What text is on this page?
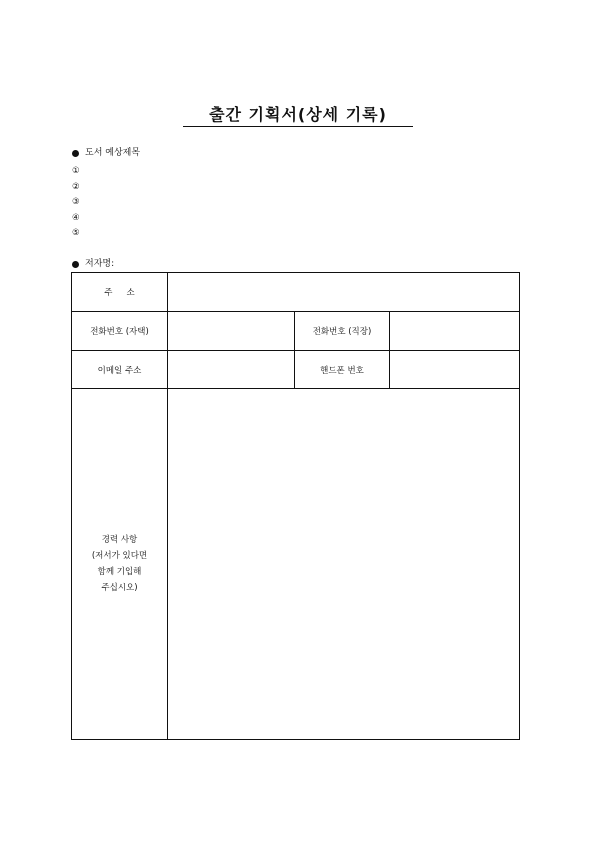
출간 기획서(상세 기록)
도서 예상제목
①
②
③
④
⑤
저자명:
주소			
전화번호 (자택)		전화번호 (직장)	
이메일 주소		핸드폰 번호	

경력 사항
(저서가 있다면
함께 기입해
주십시오)			
